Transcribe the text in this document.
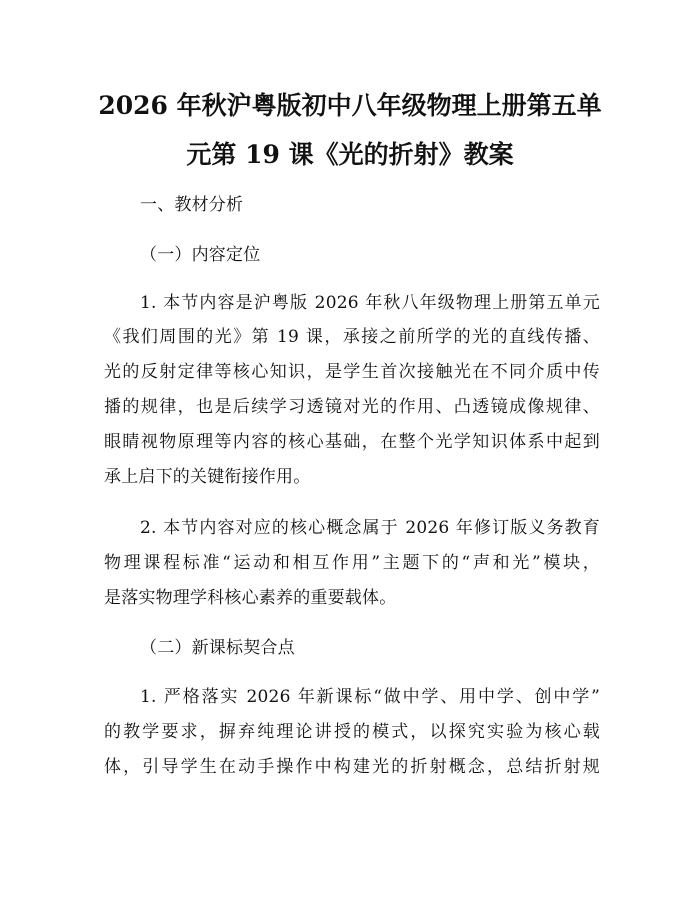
2026 年秋沪粤版初中八年级物理上册第五单
元第 19 课《光的折射》教案
一、教材分析
（一）内容定位
1. 本节内容是沪粤版 2026 年秋八年级物理上册第五单元
《我们周围的光》第 19 课，承接之前所学的光的直线传播、
光的反射定律等核心知识，是学生首次接触光在不同介质中传
播的规律，也是后续学习透镜对光的作用、凸透镜成像规律、
眼睛视物原理等内容的核心基础，在整个光学知识体系中起到
承上启下的关键衔接作用。
2. 本节内容对应的核心概念属于 2026 年修订版义务教育
物理课程标准“运动和相互作用”主题下的“声和光”模块，
是落实物理学科核心素养的重要载体。
（二）新课标契合点
1. 严格落实 2026 年新课标“做中学、用中学、创中学”
的教学要求，摒弃纯理论讲授的模式，以探究实验为核心载
体，引导学生在动手操作中构建光的折射概念，总结折射规
